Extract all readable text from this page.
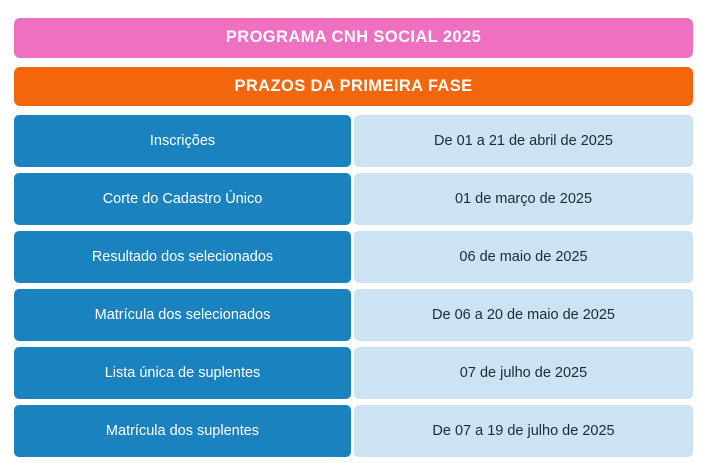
PROGRAMA CNH SOCIAL 2025
PRAZOS DA PRIMEIRA FASE
Inscrições	De 01 a 21 de abril de 2025
Corte do Cadastro Único	01 de março de 2025
Resultado dos selecionados	06 de maio de 2025
Matrícula dos selecionados	De 06 a 20 de maio de 2025
Lista única de suplentes	07 de julho de 2025
Matrícula dos suplentes	De 07 a 19 de julho de 2025
